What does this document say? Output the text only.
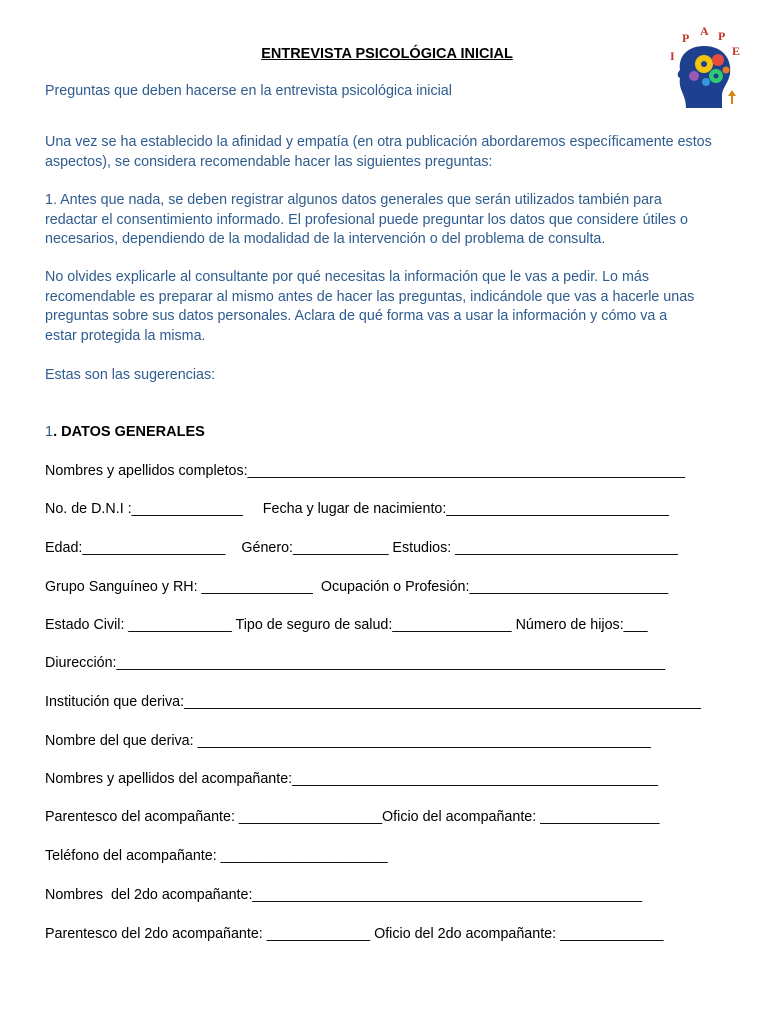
ENTREVISTA PSICOLÓGICA INICIAL	I
P A P
E
Preguntas que deben hacerse en la entrevista psicológica inicial
Una vez se ha establecido la afinidad y empatía (en otra publicación abordaremos específicamente estos aspectos), se considera recomendable hacer las siguientes preguntas:
1. Antes que nada, se deben registrar algunos datos generales que serán utilizados también para
redactar el consentimiento informado. El profesional puede preguntar los datos que considere útiles o
necesarios, dependiendo de la modalidad de la intervención o del problema de consulta.
No olvides explicarle al consultante por qué necesitas la información que le vas a pedir. Lo más
recomendable es preparar al mismo antes de hacer las preguntas, indicándole que vas a hacerle unas
preguntas sobre sus datos personales. Aclara de qué forma vas a usar la información y cómo va a
estar protegida la misma.
Estas son las sugerencias:
1. DATOS GENERALES
Nombres y apellidos completos:_______________________________________________________
No. de D.N.I :______________     Fecha y lugar de nacimiento:____________________________
Edad:__________________    Género:____________ Estudios: ____________________________
Grupo Sanguíneo y RH: ______________  Ocupación o Profesión:_________________________
Estado Civil: _____________ Tipo de seguro de salud:_______________ Número de hijos:___
Diurección:_____________________________________________________________________
Institución que deriva:_________________________________________________________________
Nombre del que deriva: _________________________________________________________
Nombres y apellidos del acompañante:______________________________________________
Parentesco del acompañante: __________________Oficio del acompañante: _______________
Teléfono del acompañante: _____________________
Nombres  del 2do acompañante:_________________________________________________
Parentesco del 2do acompañante: _____________ Oficio del 2do acompañante: _____________
